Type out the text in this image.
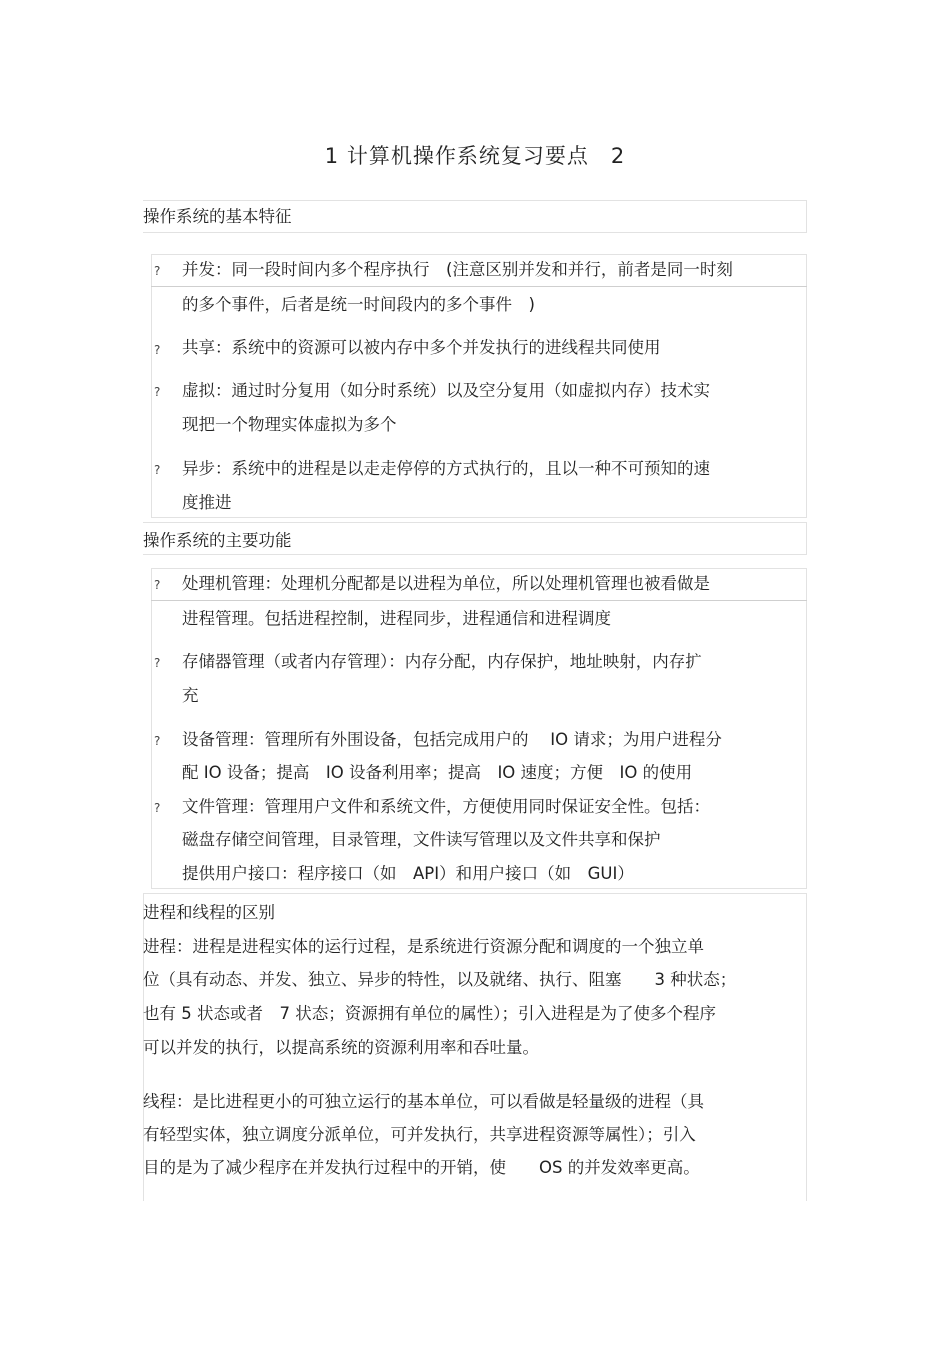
1 计算机操作系统复习要点　2
操作系统的基本特征
? 并发：同一段时间内多个程序执行　(注意区别并发和并行，前者是同一时刻
的多个事件，后者是统一时间段内的多个事件　)
? 共享：系统中的资源可以被内存中多个并发执行的进线程共同使用
? 虚拟：通过时分复用（如分时系统）以及空分复用（如虚拟内存）技术实
现把一个物理实体虚拟为多个
? 异步：系统中的进程是以走走停停的方式执行的，且以一种不可预知的速
度推进
操作系统的主要功能
? 处理机管理：处理机分配都是以进程为单位，所以处理机管理也被看做是
进程管理。包括进程控制，进程同步，进程通信和进程调度
? 存储器管理（或者内存管理）：内存分配，内存保护，地址映射，内存扩
充
? 设备管理：管理所有外围设备，包括完成用户的　 IO 请求；为用户进程分
配 IO 设备；提高　IO 设备利用率；提高　IO 速度；方便　IO 的使用
? 文件管理：管理用户文件和系统文件，方便使用同时保证安全性。包括：
磁盘存储空间管理，目录管理，文件读写管理以及文件共享和保护
提供用户接口：程序接口（如　API）和用户接口（如　GUI）
进程和线程的区别
进程：进程是进程实体的运行过程，是系统进行资源分配和调度的一个独立单
位（具有动态、并发、独立、异步的特性，以及就绪、执行、阻塞　　3 种状态；
也有 5 状态或者　7 状态；资源拥有单位的属性）；引入进程是为了使多个程序
可以并发的执行，以提高系统的资源利用率和吞吐量。
线程：是比进程更小的可独立运行的基本单位，可以看做是轻量级的进程（具
有轻型实体，独立调度分派单位，可并发执行，共享进程资源等属性）；引入
目的是为了减少程序在并发执行过程中的开销，使　　OS 的并发效率更高。
